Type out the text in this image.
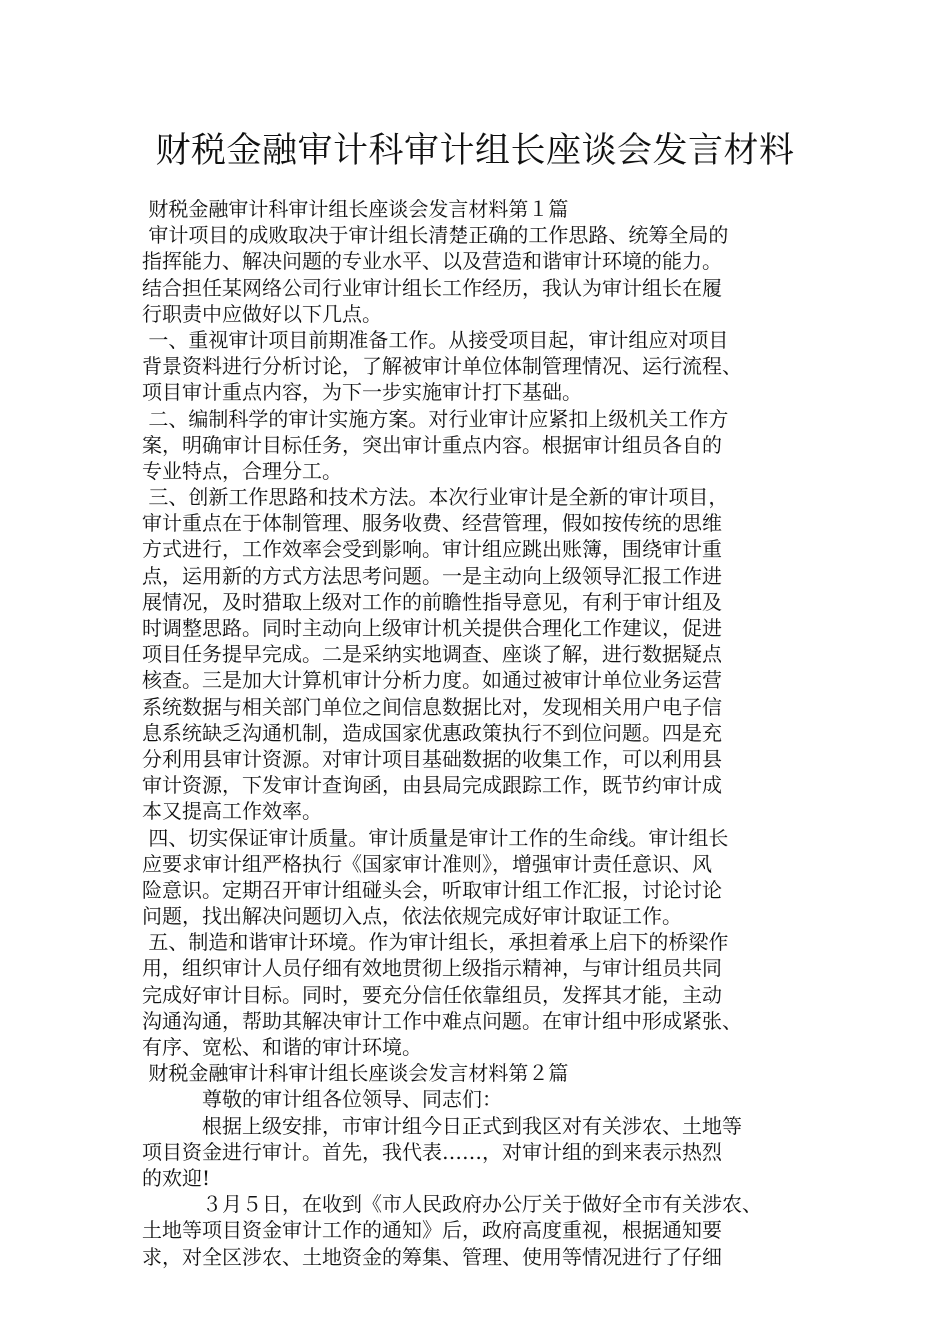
财税金融审计科审计组长座谈会发言材料
财税金融审计科审计组长座谈会发言材料第１篇
审计项目的成败取决于审计组长清楚正确的工作思路、统筹全局的
指挥能力、解决问题的专业水平、以及营造和谐审计环境的能力。
结合担任某网络公司行业审计组长工作经历，我认为审计组长在履
行职责中应做好以下几点。
一、重视审计项目前期准备工作。从接受项目起，审计组应对项目
背景资料进行分析讨论，了解被审计单位体制管理情况、运行流程、
项目审计重点内容，为下一步实施审计打下基础。
二、编制科学的审计实施方案。对行业审计应紧扣上级机关工作方
案，明确审计目标任务，突出审计重点内容。根据审计组员各自的
专业特点，合理分工。
三、创新工作思路和技术方法。本次行业审计是全新的审计项目，
审计重点在于体制管理、服务收费、经营管理，假如按传统的思维
方式进行，工作效率会受到影响。审计组应跳出账簿，围绕审计重
点，运用新的方式方法思考问题。一是主动向上级领导汇报工作进
展情况，及时猎取上级对工作的前瞻性指导意见，有利于审计组及
时调整思路。同时主动向上级审计机关提供合理化工作建议，促进
项目任务提早完成。二是采纳实地调查、座谈了解，进行数据疑点
核查。三是加大计算机审计分析力度。如通过被审计单位业务运营
系统数据与相关部门单位之间信息数据比对，发现相关用户电子信
息系统缺乏沟通机制，造成国家优惠政策执行不到位问题。四是充
分利用县审计资源。对审计项目基础数据的收集工作，可以利用县
审计资源，下发审计查询函，由县局完成跟踪工作，既节约审计成
本又提高工作效率。
四、切实保证审计质量。审计质量是审计工作的生命线。审计组长
应要求审计组严格执行《国家审计准则》，增强审计责任意识、风
险意识。定期召开审计组碰头会，听取审计组工作汇报，讨论讨论
问题，找出解决问题切入点，依法依规完成好审计取证工作。
五、制造和谐审计环境。作为审计组长，承担着承上启下的桥梁作
用，组织审计人员仔细有效地贯彻上级指示精神，与审计组员共同
完成好审计目标。同时，要充分信任依靠组员，发挥其才能，主动
沟通沟通，帮助其解决审计工作中难点问题。在审计组中形成紧张、
有序、宽松、和谐的审计环境。
财税金融审计科审计组长座谈会发言材料第２篇
　　　尊敬的审计组各位领导、同志们：
　　　根据上级安排，市审计组今日正式到我区对有关涉农、土地等
项目资金进行审计。首先，我代表……，对审计组的到来表示热烈
的欢迎!
　　　３月５日，在收到《市人民政府办公厅关于做好全市有关涉农、
土地等项目资金审计工作的通知》后，政府高度重视，根据通知要
求，对全区涉农、土地资金的筹集、管理、使用等情况进行了仔细
